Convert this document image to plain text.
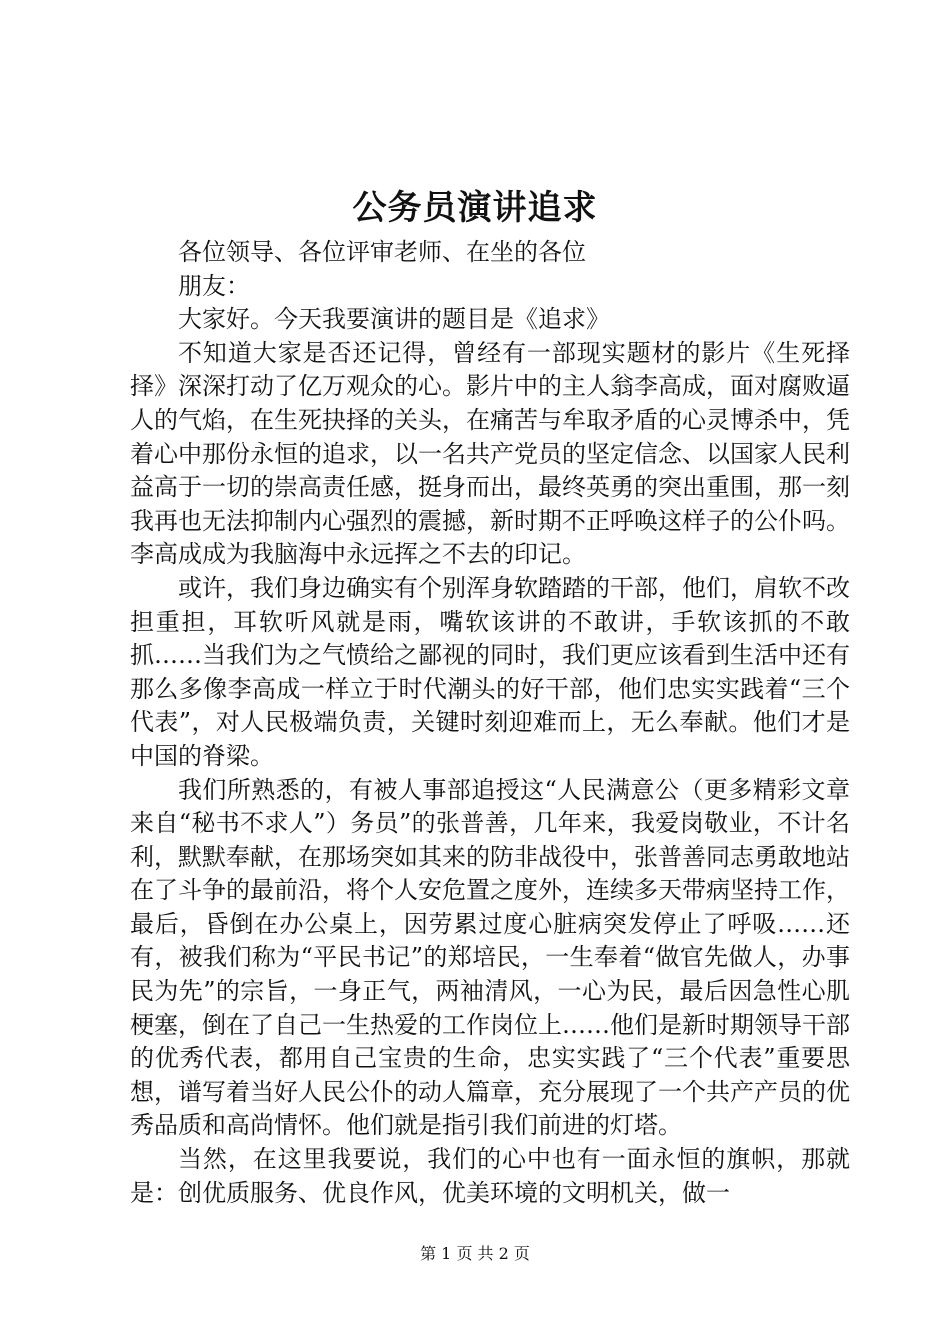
公务员演讲追求

各位领导、各位评审老师、在坐的各位

朋友：

大家好。今天我要演讲的题目是《追求》

不知道大家是否还记得，曾经有一部现实题材的影片《生死择择》深深打动了亿万观众的心。影片中的主人翁李高成，面对腐败逼人的气焰，在生死抉择的关头，在痛苦与牟取矛盾的心灵博杀中，凭着心中那份永恒的追求，以一名共产党员的坚定信念、以国家人民利益高于一切的崇高责任感，挺身而出，最终英勇的突出重围，那一刻我再也无法抑制内心强烈的震撼，新时期不正呼唤这样子的公仆吗。李高成成为我脑海中永远挥之不去的印记。

或许，我们身边确实有个别浑身软踏踏的干部，他们，肩软不改担重担，耳软听风就是雨，嘴软该讲的不敢讲，手软该抓的不敢抓……当我们为之气愤给之鄙视的同时，我们更应该看到生活中还有那么多像李高成一样立于时代潮头的好干部，他们忠实实践着“三个代表”，对人民极端负责，关键时刻迎难而上，无么奉献。他们才是中国的脊梁。

我们所熟悉的，有被人事部追授这“人民满意公（更多精彩文章来自“秘书不求人”）务员”的张普善，几年来，我爱岗敬业，不计名利，默默奉献，在那场突如其来的防非战役中，张普善同志勇敢地站在了斗争的最前沿，将个人安危置之度外，连续多天带病坚持工作，最后，昏倒在办公桌上，因劳累过度心脏病突发停止了呼吸……还有，被我们称为“平民书记”的郑培民，一生奉着“做官先做人，办事民为先”的宗旨，一身正气，两袖清风，一心为民，最后因急性心肌梗塞，倒在了自己一生热爱的工作岗位上……他们是新时期领导干部的优秀代表，都用自己宝贵的生命，忠实实践了“三个代表”重要思想，谱写着当好人民公仆的动人篇章，充分展现了一个共产产员的优秀品质和高尚情怀。他们就是指引我们前进的灯塔。

当然，在这里我要说，我们的心中也有一面永恒的旗帜，那就是：创优质服务、优良作风，优美环境的文明机关，做一

第 1 页 共 2 页
